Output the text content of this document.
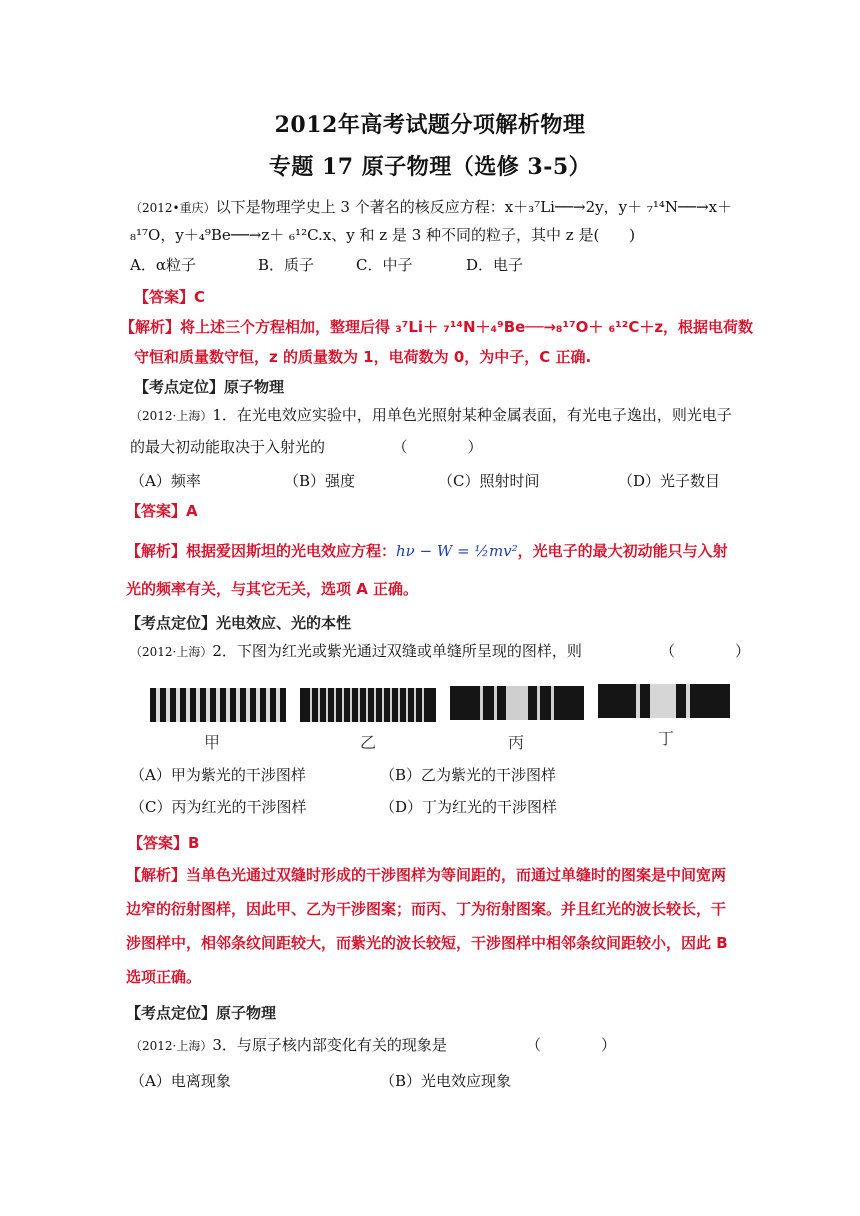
2012年高考试题分项解析物理
专题 17 原子物理（选修 3-5）
（2012•重庆）以下是物理学史上 3 个著名的核反应方程：x＋₃⁷Li──→2y，y＋ ₇¹⁴N──→x＋
₈¹⁷O，y＋₄⁹Be──→z＋ ₆¹²C.x、y 和 z 是 3 种不同的粒子，其中 z 是(　　)
A．α粒子	B．质子	C．中子	D．电子
【答案】C
【解析】将上述三个方程相加，整理后得 ₃⁷Li＋ ₇¹⁴N＋₄⁹Be──→₈¹⁷O＋ ₆¹²C＋z，根据电荷数
守恒和质量数守恒，z 的质量数为 1，电荷数为 0，为中子，C 正确.
【考点定位】原子物理
（2012·上海）1．在光电效应实验中，用单色光照射某种金属表面，有光电子逸出，则光电子
的最大初动能取决于入射光的　　　　　（　　　　）
（A）频率	（B）强度	（C）照射时间	（D）光子数目
【答案】A
【解析】根据爱因斯坦的光电效应方程：hν − W = ½mv²，光电子的最大初动能只与入射
光的频率有关，与其它无关，选项 A 正确。
【考点定位】光电效应、光的本性
（2012·上海）2．下图为红光或紫光通过双缝或单缝所呈现的图样，则	（　　　　）
甲	乙	丙	丁
（A）甲为紫光的干涉图样	（B）乙为紫光的干涉图样
（C）丙为红光的干涉图样	（D）丁为红光的干涉图样
【答案】B
【解析】当单色光通过双缝时形成的干涉图样为等间距的，而通过单缝时的图案是中间宽两
边窄的衍射图样，因此甲、乙为干涉图案；而丙、丁为衍射图案。并且红光的波长较长，干
涉图样中，相邻条纹间距较大，而紫光的波长较短，干涉图样中相邻条纹间距较小，因此 B
选项正确。
【考点定位】原子物理
（2012·上海）3．与原子核内部变化有关的现象是	（　　　　）
（A）电离现象	（B）光电效应现象
